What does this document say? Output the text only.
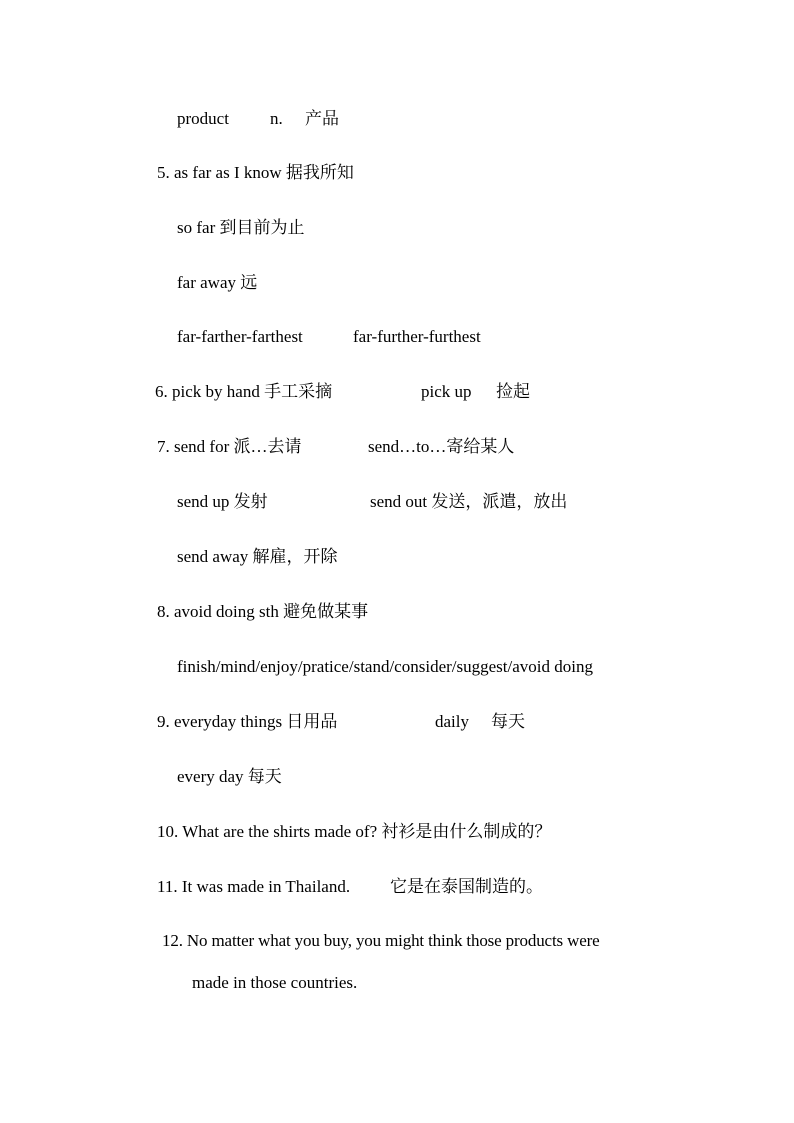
product n. 产品
5. as far as I know 据我所知
so far 到目前为止
far away 远
far-farther-farthest	far-further-furthest
6. pick by hand 手工采摘	pick up 捡起
7. send for 派…去请	send…to…寄给某人
send up 发射	send out 发送，派遣，放出
send away 解雇，开除
8. avoid doing sth 避免做某事
finish/mind/enjoy/pratice/stand/consider/suggest/avoid doing
9. everyday things 日用品	daily 每天
every day 每天
10. What are the shirts made of? 衬衫是由什么制成的？
11. It was made in Thailand. 它是在泰国制造的。
12. No matter what you buy, you might think those products were
made in those countries.
